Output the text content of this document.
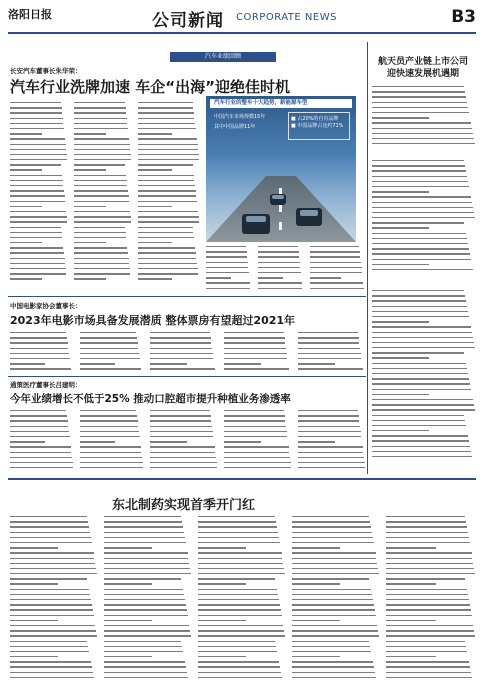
洛阳日报	公司新闻 CORPORATE NEWS	B3
汽车业绩回顾
长安汽车董事长朱华荣：
汽车行业洗牌加速 车企“出海”迎绝佳时机
汽车行业的整车十大趋势，新能源车型
中国汽车市场规模15年
其中中国品牌11年
■ 占20%的自有品牌
■ 中国品牌占比约71%
航天员产业链上市公司
迎快速发展机遇期
中国电影家协会董事长：
2023年电影市场具备发展潜质 整体票房有望超过2021年
通策医疗董事长吕建明：
今年业绩增长不低于25% 推动口腔超市提升种植业务渗透率
东北制药实现首季开门红
